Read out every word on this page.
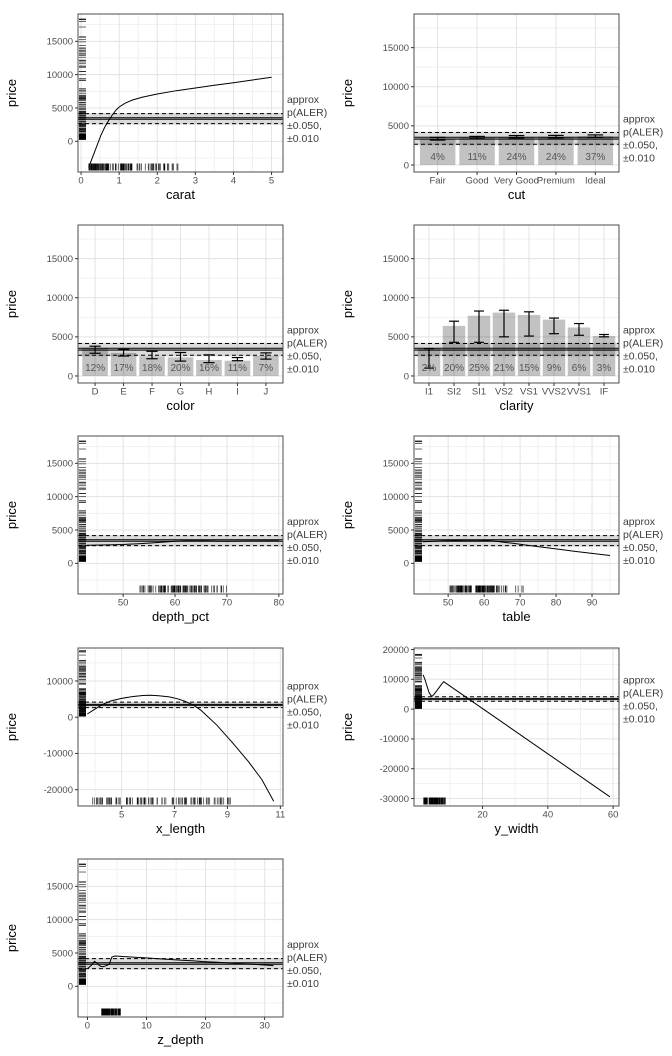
0	1	2	3	4	5
0
5000
10000
15000
carat
price	approx
p(ALER)
±0.050,
±0.010
4% 11% 24% 24% 37%
Fair Good Very Good
Premium Ideal
0
5000
10000
15000
cut
price
approx
p(ALER)
±0.050,
±0.010
12% 17% 18% 20% 16% 11% 7%
D E F G H I	J
0
5000
10000
15000
color
price
approx
p(ALER)
±0.050,
±0.010	2% 20% 25% 21% 15% 9% 6% 3%
I1 SI2 SI1 VS2 VS1 VVS2 VVS1 IF
0
5000
10000
15000
clarity
price
approx
p(ALER)
±0.050,
±0.010
50	60	70	80
0
5000
10000
15000
depth_pct
price	approx
p(ALER)
±0.050,
±0.010
50	60	70	80	90
0
5000
10000
15000
table
price	approx
p(ALER)
±0.050,
±0.010
5	7	9	11
-20000
-10000
0
10000
x_length
price
approx
p(ALER)
±0.050,
±0.010
20	40	60
-30000
-20000
-10000
0
10000
20000
y_width
price
approx
p(ALER)
±0.050,
±0.010
0	10	20	30
0
5000
10000
15000
z_depth
price	approx
p(ALER)
±0.050,
±0.010
